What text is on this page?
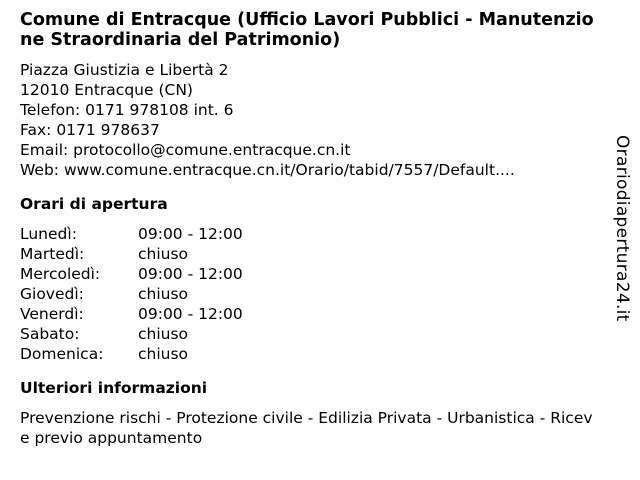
Comune di Entracque (Ufficio Lavori Pubblici - Manutenzione Straordinaria del Patrimonio)
Piazza Giustizia e Libertà 2
12010 Entracque (CN)
Telefon: 0171 978108 int. 6
Fax: 0171 978637
Email: protocollo@comune.entracque.cn.it
Web: www.comune.entracque.cn.it/Orario/tabid/7557/Default....
Orari di apertura
Lunedì:	09:00 - 12:00
Martedì:	chiuso
Mercoledì:	09:00 - 12:00
Giovedì:	chiuso
Venerdì:	09:00 - 12:00
Sabato:	chiuso
Domenica:	chiuso
Ulteriori informazioni
Prevenzione rischi - Protezione civile - Edilizia Privata - Urbanistica - Riceve previo appuntamento
Orariodiapertura24.it
